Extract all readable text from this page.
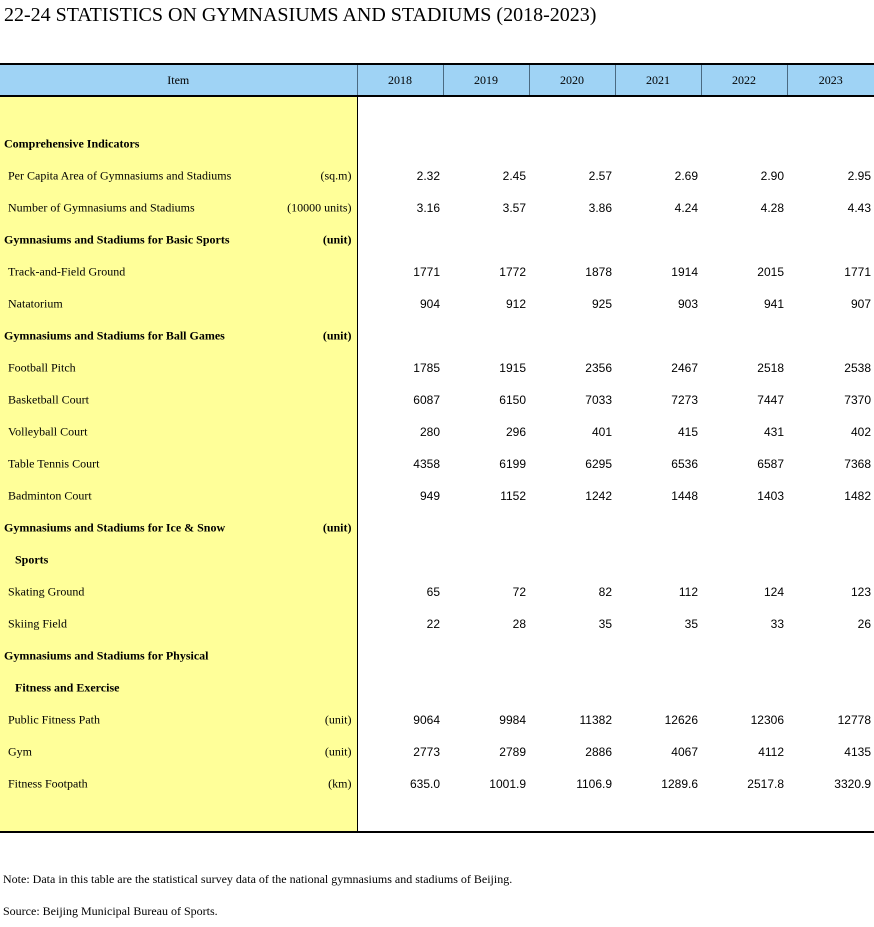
22-24 STATISTICS ON GYMNASIUMS AND STADIUMS (2018-2023)
Item	2018	2019	2020	2021	2022	2023

Comprehensive Indicators						

Per Capita Area of Gymnasiums and Stadiums (sq.m)	2.32	2.45	2.57	2.69	2.90	2.95

Number of Gymnasiums and Stadiums (10000 units)	3.16	3.57	3.86	4.24	4.28	4.43

Gymnasiums and Stadiums for Basic Sports (unit)						

Track-and-Field Ground	1771	1772	1878	1914	2015	1771

Natatorium	904	912	925	903	941	907

Gymnasiums and Stadiums for Ball Games (unit)						

Football Pitch	1785	1915	2356	2467	2518	2538

Basketball Court	6087	6150	7033	7273	7447	7370

Volleyball Court	280	296	401	415	431	402

Table Tennis Court	4358	6199	6295	6536	6587	7368

Badminton Court	949	1152	1242	1448	1403	1482

Gymnasiums and Stadiums for Ice & Snow (unit)						

Sports						

Skating Ground	65	72	82	112	124	123

Skiing Field	22	28	35	35	33	26

Gymnasiums and Stadiums for Physical						

Fitness and Exercise						

Public Fitness Path (unit)	9064	9984	11382	12626	12306	12778

Gym (unit)	2773	2789	2886	4067	4112	4135

Fitness Footpath (km)	635.0	1001.9	1106.9	1289.6	2517.8	3320.9

Note: Data in this table are the statistical survey data of the national gymnasiums and stadiums of Beijing.
Source: Beijing Municipal Bureau of Sports.
